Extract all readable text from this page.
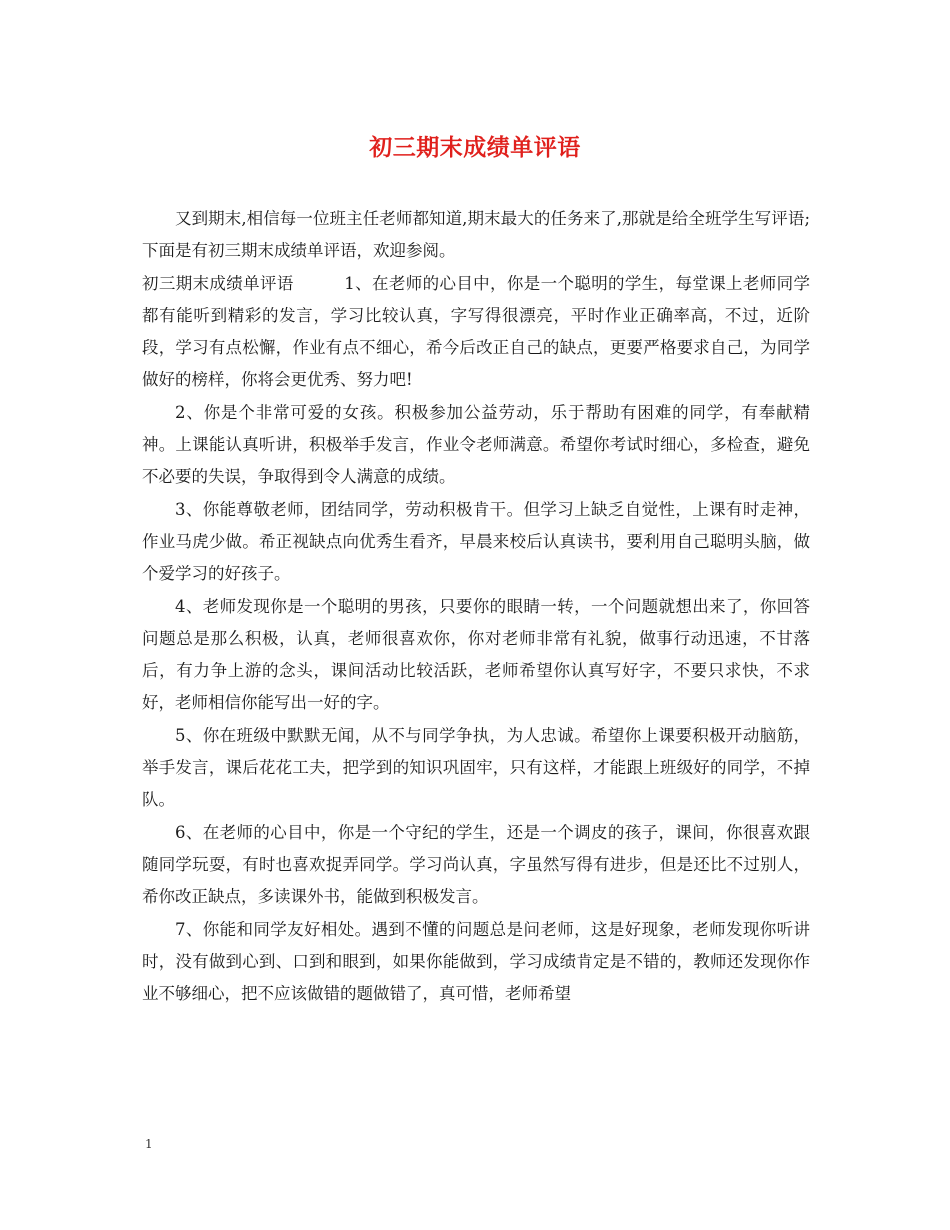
初三期末成绩单评语

又到期末,相信每一位班主任老师都知道,期末最大的任务来了,那就是给全班学生写评语;下面是有初三期末成绩单评语，欢迎参阅。

初三期末成绩单评语　　　1、在老师的心目中，你是一个聪明的学生，每堂课上老师同学都有能听到精彩的发言，学习比较认真，字写得很漂亮，平时作业正确率高，不过，近阶段，学习有点松懈，作业有点不细心，希今后改正自己的缺点，更要严格要求自己，为同学做好的榜样，你将会更优秀、努力吧!

2、你是个非常可爱的女孩。积极参加公益劳动，乐于帮助有困难的同学，有奉献精神。上课能认真听讲，积极举手发言，作业令老师满意。希望你考试时细心，多检查，避免不必要的失误，争取得到令人满意的成绩。

3、你能尊敬老师，团结同学，劳动积极肯干。但学习上缺乏自觉性，上课有时走神，作业马虎少做。希正视缺点向优秀生看齐，早晨来校后认真读书，要利用自己聪明头脑，做个爱学习的好孩子。

4、老师发现你是一个聪明的男孩，只要你的眼睛一转，一个问题就想出来了，你回答问题总是那么积极，认真，老师很喜欢你，你对老师非常有礼貌，做事行动迅速，不甘落后，有力争上游的念头，课间活动比较活跃，老师希望你认真写好字，不要只求快，不求好，老师相信你能写出一好的字。

5、你在班级中默默无闻，从不与同学争执，为人忠诚。希望你上课要积极开动脑筋，举手发言，课后花花工夫，把学到的知识巩固牢，只有这样，才能跟上班级好的同学，不掉队。

6、在老师的心目中，你是一个守纪的学生，还是一个调皮的孩子，课间，你很喜欢跟随同学玩耍，有时也喜欢捉弄同学。学习尚认真，字虽然写得有进步，但是还比不过别人，希你改正缺点，多读课外书，能做到积极发言。

7、你能和同学友好相处。遇到不懂的问题总是问老师，这是好现象，老师发现你听讲时，没有做到心到、口到和眼到，如果你能做到，学习成绩肯定是不错的，教师还发现你作业不够细心，把不应该做错的题做错了，真可惜，老师希望

1
